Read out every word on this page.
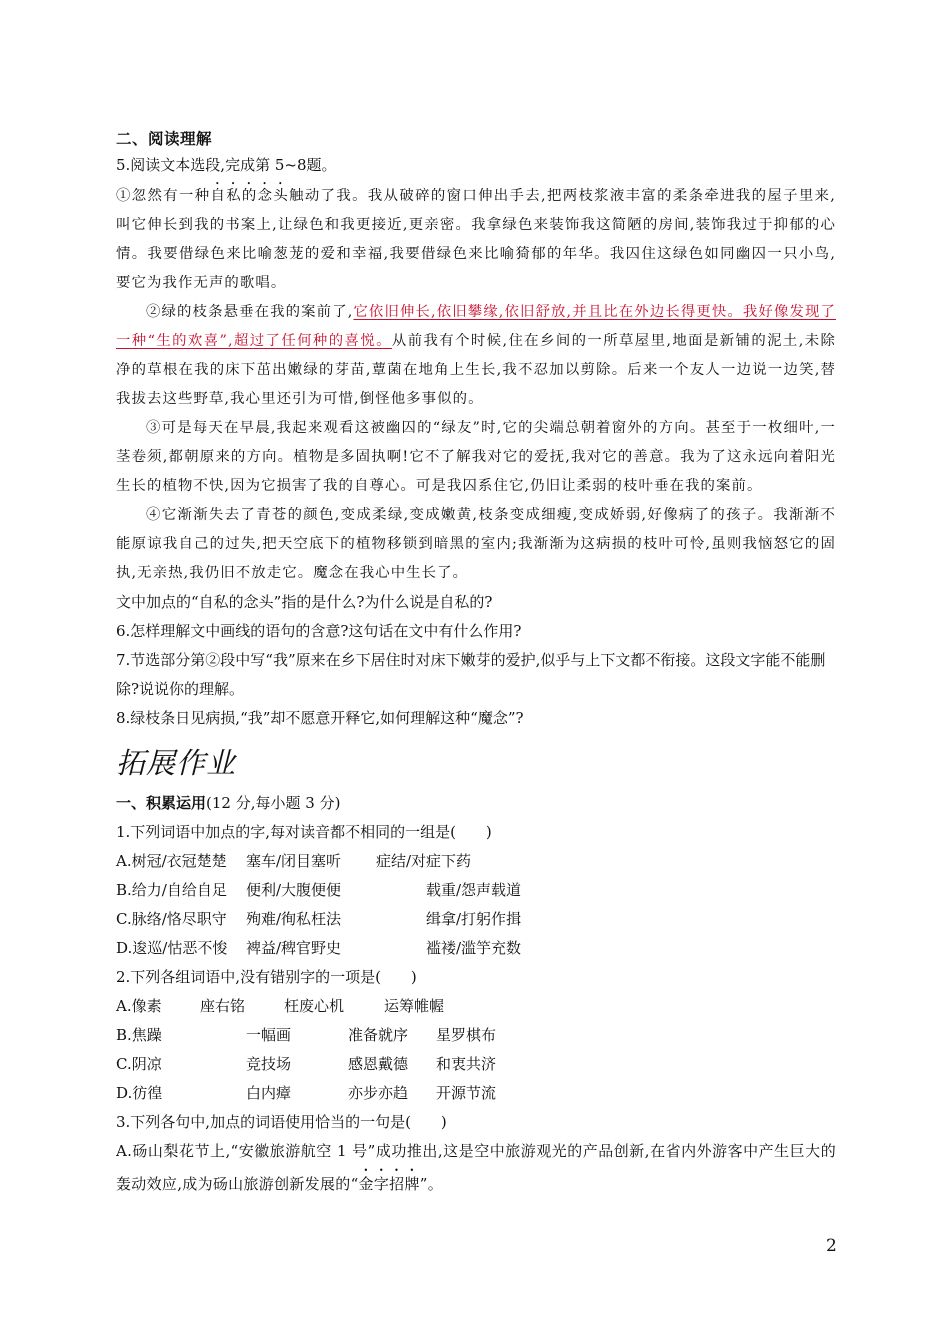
二、阅读理解

5.阅读文本选段,完成第 5~8题。

①忽然有一种自私的念头触动了我。我从破碎的窗口伸出手去,把两枝浆液丰富的柔条牵进我的屋子里来,叫它伸长到我的书案上,让绿色和我更接近,更亲密。我拿绿色来装饰我这简陋的房间,装饰我过于抑郁的心情。我要借绿色来比喻葱茏的爱和幸福,我要借绿色来比喻猗郁的年华。我囚住这绿色如同幽囚一只小鸟,要它为我作无声的歌唱。

②绿的枝条悬垂在我的案前了,它依旧伸长,依旧攀缘,依旧舒放,并且比在外边长得更快。我好像发现了一种“生的欢喜”,超过了任何种的喜悦。从前我有个时候,住在乡间的一所草屋里,地面是新铺的泥土,未除净的草根在我的床下茁出嫩绿的芽苗,蕈菌在地角上生长,我不忍加以剪除。后来一个友人一边说一边笑,替我拔去这些野草,我心里还引为可惜,倒怪他多事似的。

③可是每天在早晨,我起来观看这被幽囚的“绿友”时,它的尖端总朝着窗外的方向。甚至于一枚细叶,一茎卷须,都朝原来的方向。植物是多固执啊!它不了解我对它的爱抚,我对它的善意。我为了这永远向着阳光生长的植物不快,因为它损害了我的自尊心。可是我囚系住它,仍旧让柔弱的枝叶垂在我的案前。

④它渐渐失去了青苍的颜色,变成柔绿,变成嫩黄,枝条变成细瘦,变成娇弱,好像病了的孩子。我渐渐不能原谅我自己的过失,把天空底下的植物移锁到暗黑的室内;我渐渐为这病损的枝叶可怜,虽则我恼怒它的固执,无亲热,我仍旧不放走它。魔念在我心中生长了。

文中加点的“自私的念头”指的是什么?为什么说是自私的?

6.怎样理解文中画线的语句的含意?这句话在文中有什么作用?

7.节选部分第②段中写“我”原来在乡下居住时对床下嫩芽的爱护,似乎与上下文都不衔接。这段文字能不能删除?说说你的理解。

8.绿枝条日见病损,“我”却不愿意开释它,如何理解这种“魔念”?

拓展作业

一、积累运用(12 分,每小题 3 分)

1.下列词语中加点的字,每对读音都不相同的一组是(　　)

A.树冠/衣冠楚楚	塞车/闭目塞听	症结/对症下药
B.给力/自给自足	便利/大腹便便	载重/怨声载道
C.脉络/恪尽职守	殉难/徇私枉法	缉拿/打躬作揖
D.逡巡/怙恶不悛	裨益/稗官野史	褴褛/滥竽充数

2.下列各组词语中,没有错别字的一项是(　　)

A.像素	座右铭	枉废心机	运筹帷幄
B.焦躁	一幅画	准备就序	星罗棋布
C.阴凉	竞技场	感恩戴德	和衷共济
D.彷徨	白内瘴	亦步亦趋	开源节流

3.下列各句中,加点的词语使用恰当的一句是(　　)

A.砀山梨花节上,“安徽旅游航空 1 号”成功推出,这是空中旅游观光的产品创新,在省内外游客中产生巨大的轰动效应,成为砀山旅游创新发展的“金字招牌”。

2
